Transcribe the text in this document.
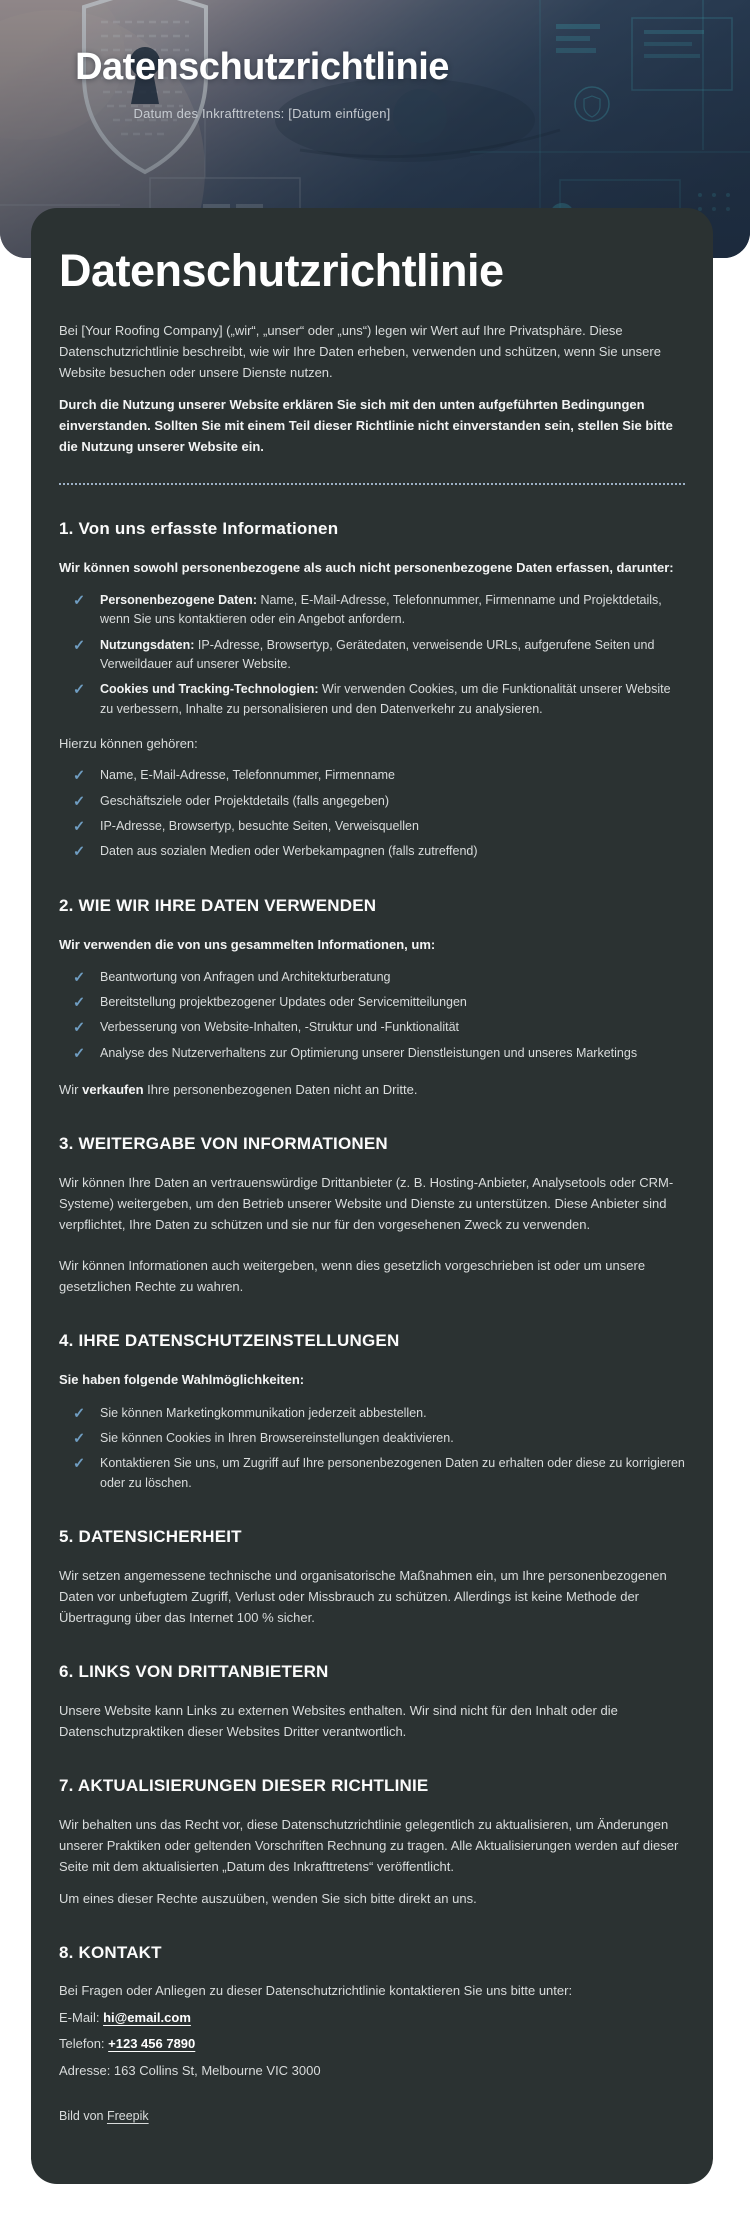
Datenschutzrichtlinie
Datum des Inkrafttretens: [Datum einfügen]
Datenschutzrichtlinie

Bei [Your Roofing Company] („wir“, „unser“ oder „uns“) legen wir Wert auf Ihre Privatsphäre. Diese Datenschutzrichtlinie beschreibt, wie wir Ihre Daten erheben, verwenden und schützen, wenn Sie unsere Website besuchen oder unsere Dienste nutzen.

Durch die Nutzung unserer Website erklären Sie sich mit den unten aufgeführten Bedingungen einverstanden. Sollten Sie mit einem Teil dieser Richtlinie nicht einverstanden sein, stellen Sie bitte die Nutzung unserer Website ein.

1. Von uns erfasste Informationen

Wir können sowohl personenbezogene als auch nicht personenbezogene Daten erfassen, darunter:

✓ Personenbezogene Daten: Name, E-Mail-Adresse, Telefonnummer, Firmenname und Projektdetails, wenn Sie uns kontaktieren oder ein Angebot anfordern.
✓ Nutzungsdaten: IP-Adresse, Browsertyp, Gerätedaten, verweisende URLs, aufgerufene Seiten und Verweildauer auf unserer Website.
✓ Cookies und Tracking-Technologien: Wir verwenden Cookies, um die Funktionalität unserer Website zu verbessern, Inhalte zu personalisieren und den Datenverkehr zu analysieren.

Hierzu können gehören:

✓ Name, E-Mail-Adresse, Telefonnummer, Firmenname
✓ Geschäftsziele oder Projektdetails (falls angegeben)
✓ IP-Adresse, Browsertyp, besuchte Seiten, Verweisquellen
✓ Daten aus sozialen Medien oder Werbekampagnen (falls zutreffend)
2. WIE WIR IHRE DATEN VERWENDEN

Wir verwenden die von uns gesammelten Informationen, um:

✓ Beantwortung von Anfragen und Architekturberatung
✓ Bereitstellung projektbezogener Updates oder Servicemitteilungen
✓ Verbesserung von Website-Inhalten, -Struktur und -Funktionalität
✓ Analyse des Nutzerverhaltens zur Optimierung unserer Dienstleistungen und unseres Marketings

Wir verkaufen Ihre personenbezogenen Daten nicht an Dritte.

3. WEITERGABE VON INFORMATIONEN

Wir können Ihre Daten an vertrauenswürdige Drittanbieter (z. B. Hosting-Anbieter, Analysetools oder CRM-Systeme) weitergeben, um den Betrieb unserer Website und Dienste zu unterstützen. Diese Anbieter sind verpflichtet, Ihre Daten zu schützen und sie nur für den vorgesehenen Zweck zu verwenden.

Wir können Informationen auch weitergeben, wenn dies gesetzlich vorgeschrieben ist oder um unsere gesetzlichen Rechte zu wahren.

4. IHRE DATENSCHUTZEINSTELLUNGEN

Sie haben folgende Wahlmöglichkeiten:

✓ Sie können Marketingkommunikation jederzeit abbestellen.
✓ Sie können Cookies in Ihren Browsereinstellungen deaktivieren.
✓ Kontaktieren Sie uns, um Zugriff auf Ihre personenbezogenen Daten zu erhalten oder diese zu korrigieren oder zu löschen.
5. DATENSICHERHEIT

Wir setzen angemessene technische und organisatorische Maßnahmen ein, um Ihre personenbezogenen Daten vor unbefugtem Zugriff, Verlust oder Missbrauch zu schützen. Allerdings ist keine Methode der Übertragung über das Internet 100 % sicher.

6. LINKS VON DRITTANBIETERN

Unsere Website kann Links zu externen Websites enthalten. Wir sind nicht für den Inhalt oder die Datenschutzpraktiken dieser Websites Dritter verantwortlich.

7. AKTUALISIERUNGEN DIESER RICHTLINIE

Wir behalten uns das Recht vor, diese Datenschutzrichtlinie gelegentlich zu aktualisieren, um Änderungen unserer Praktiken oder geltenden Vorschriften Rechnung zu tragen. Alle Aktualisierungen werden auf dieser Seite mit dem aktualisierten „Datum des Inkrafttretens“ veröffentlicht.

Um eines dieser Rechte auszuüben, wenden Sie sich bitte direkt an uns.

8. KONTAKT

Bei Fragen oder Anliegen zu dieser Datenschutzrichtlinie kontaktieren Sie uns bitte unter:

E-Mail: hi@email.com

Telefon: +123 456 7890

Adresse: 163 Collins St, Melbourne VIC 3000

Bild von Freepik
